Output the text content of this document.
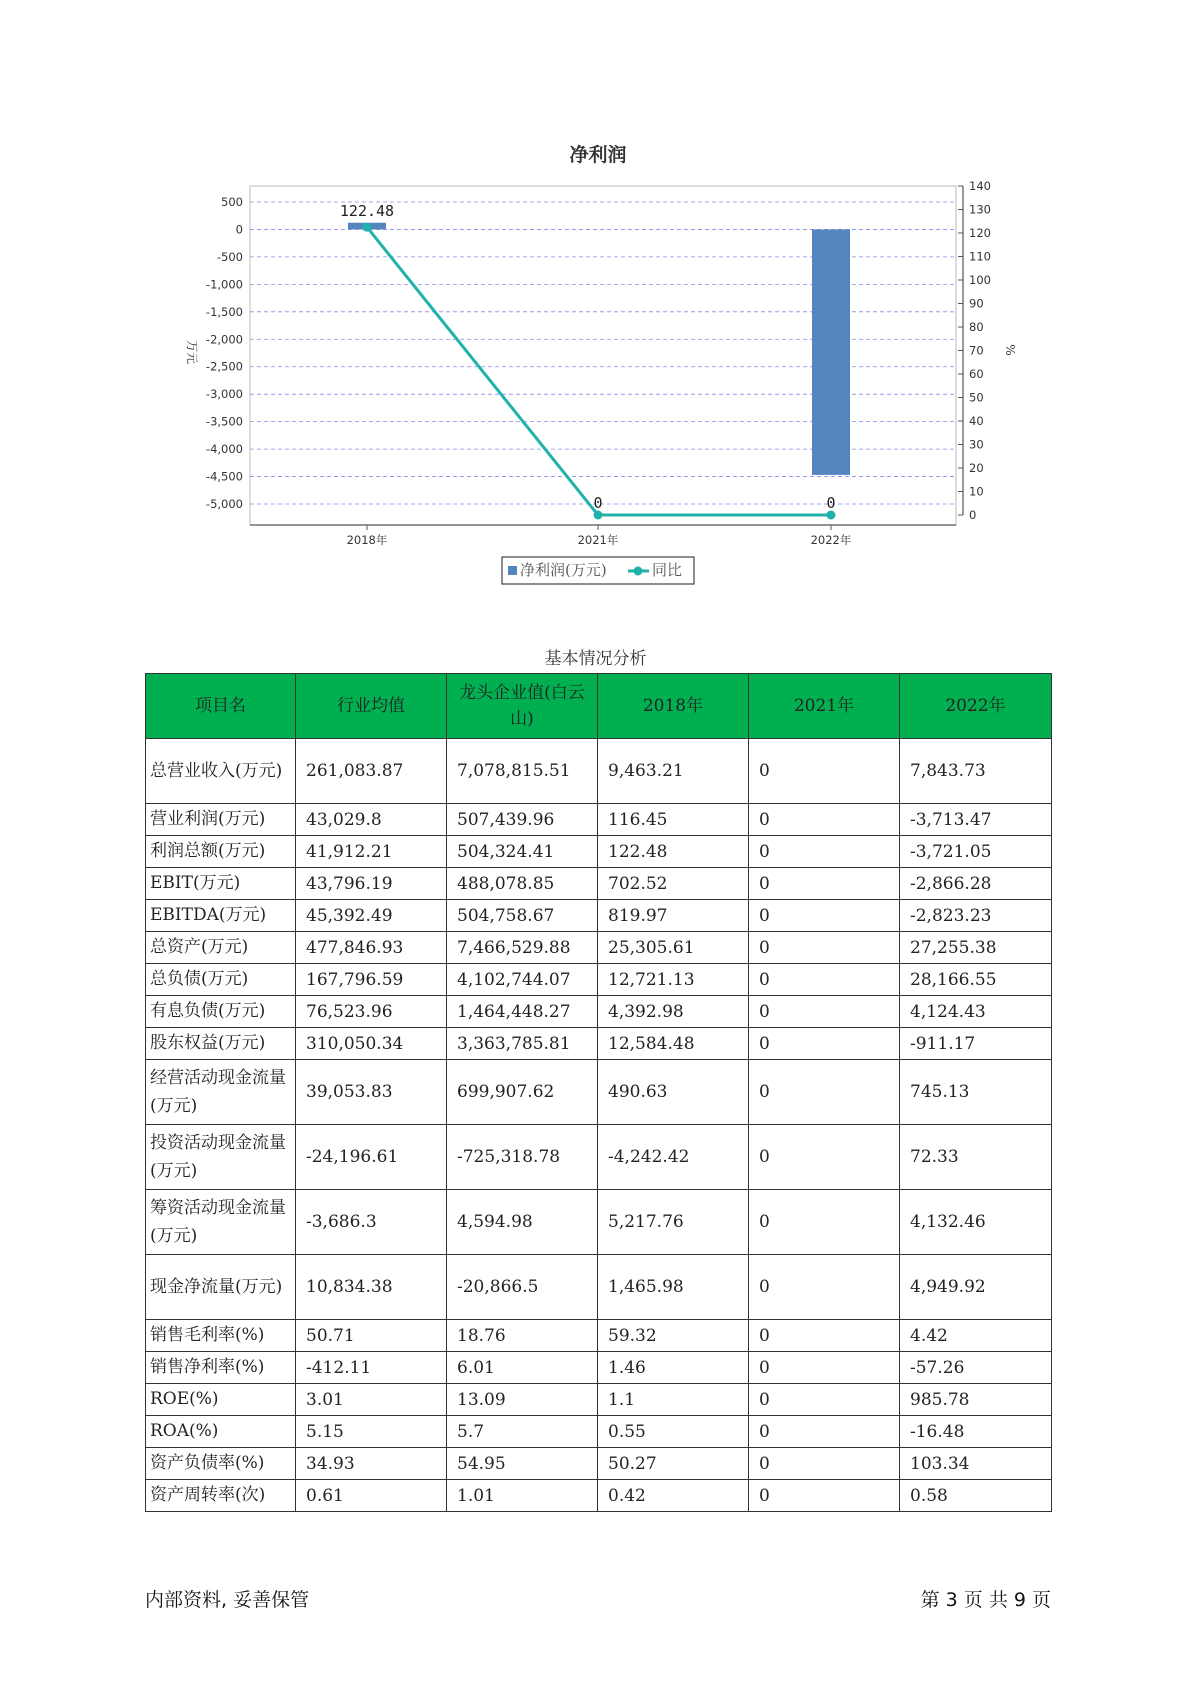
净利润
500
0
-500
-1,000
-1,500
-2,000
-2,500
-3,000
-3,500
-4,000
-4,500
-5,000
140
130
120
110
100
90
80
70
60
50
40
30
20
10
0
2018年	2021年	2022年
万元	%
122.48
0	0
净利润(万元)	同比
基本情况分析
项目名	行业均值	龙头企业值(白云山)	2018年	2021年	2022年
总营业收入(万元)	261,083.87	7,078,815.51	9,463.21	0	7,843.73
营业利润(万元)	43,029.8	507,439.96	116.45	0	-3,713.47
利润总额(万元)	41,912.21	504,324.41	122.48	0	-3,721.05
EBIT(万元)	43,796.19	488,078.85	702.52	0	-2,866.28
EBITDA(万元)	45,392.49	504,758.67	819.97	0	-2,823.23
总资产(万元)	477,846.93	7,466,529.88	25,305.61	0	27,255.38
总负债(万元)	167,796.59	4,102,744.07	12,721.13	0	28,166.55
有息负债(万元)	76,523.96	1,464,448.27	4,392.98	0	4,124.43
股东权益(万元)	310,050.34	3,363,785.81	12,584.48	0	-911.17
经营活动现金流量(万元)	39,053.83	699,907.62	490.63	0	745.13
投资活动现金流量(万元)	-24,196.61	-725,318.78	-4,242.42	0	72.33
筹资活动现金流量(万元)	-3,686.3	4,594.98	5,217.76	0	4,132.46
现金净流量(万元)	10,834.38	-20,866.5	1,465.98	0	4,949.92
销售毛利率(%)	50.71	18.76	59.32	0	4.42
销售净利率(%)	-412.11	6.01	1.46	0	-57.26
ROE(%)	3.01	13.09	1.1	0	985.78
ROA(%)	5.15	5.7	0.55	0	-16.48
资产负债率(%)	34.93	54.95	50.27	0	103.34
资产周转率(次)	0.61	1.01	0.42	0	0.58
内部资料, 妥善保管	第 3 页 共 9 页
